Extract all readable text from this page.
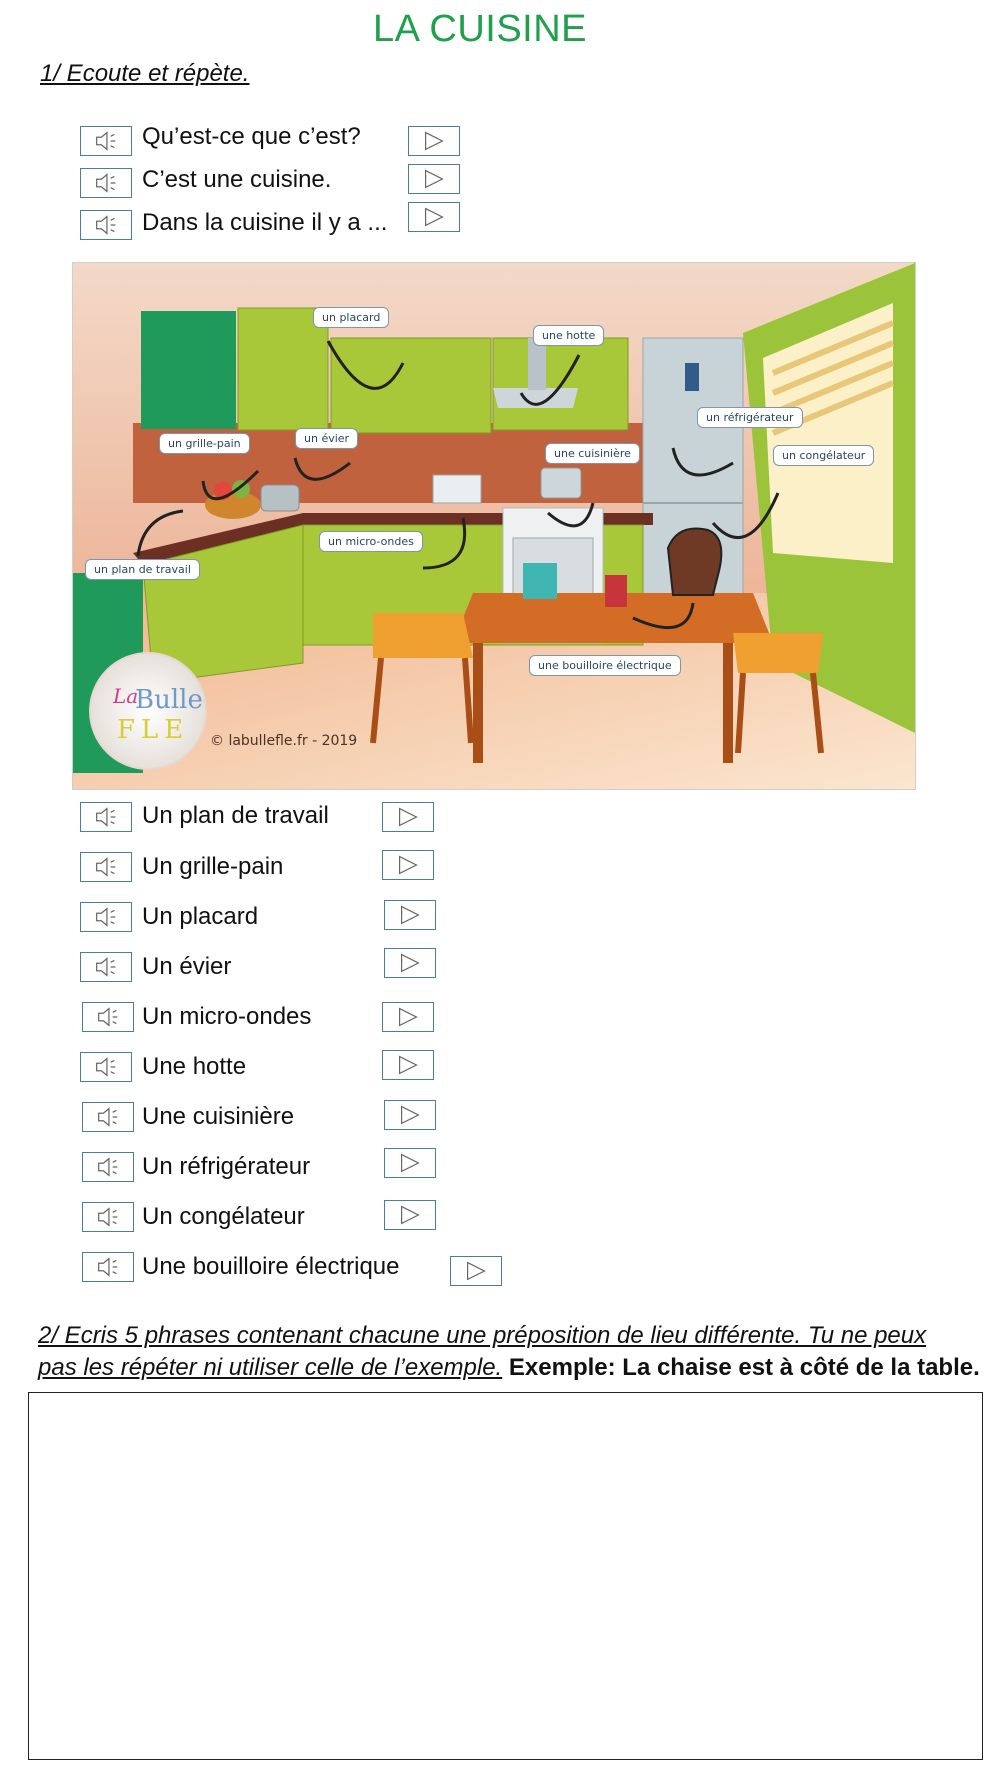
LA CUISINE
1/ Ecoute et répète.
Qu’est-ce que c’est?
C’est une cuisine.
Dans la cuisine il y a ...
La
Bulle
FLE
un placard
une hotte
un réfrigérateur
un congélateur
un grille-pain	un évier
une cuisinière
un micro-ondes
un plan de travail
une bouilloire électrique
© labullefle.fr - 2019
Un plan de travail
Un grille-pain
Un placard
Un évier
Un micro-ondes
Une hotte
Une cuisinière
Un réfrigérateur
Un congélateur
Une bouilloire électrique
2/ Ecris 5 phrases contenant chacune une préposition de lieu différente. Tu ne peux
pas les répéter ni utiliser celle de l’exemple. Exemple: La chaise est à côté de la table.
